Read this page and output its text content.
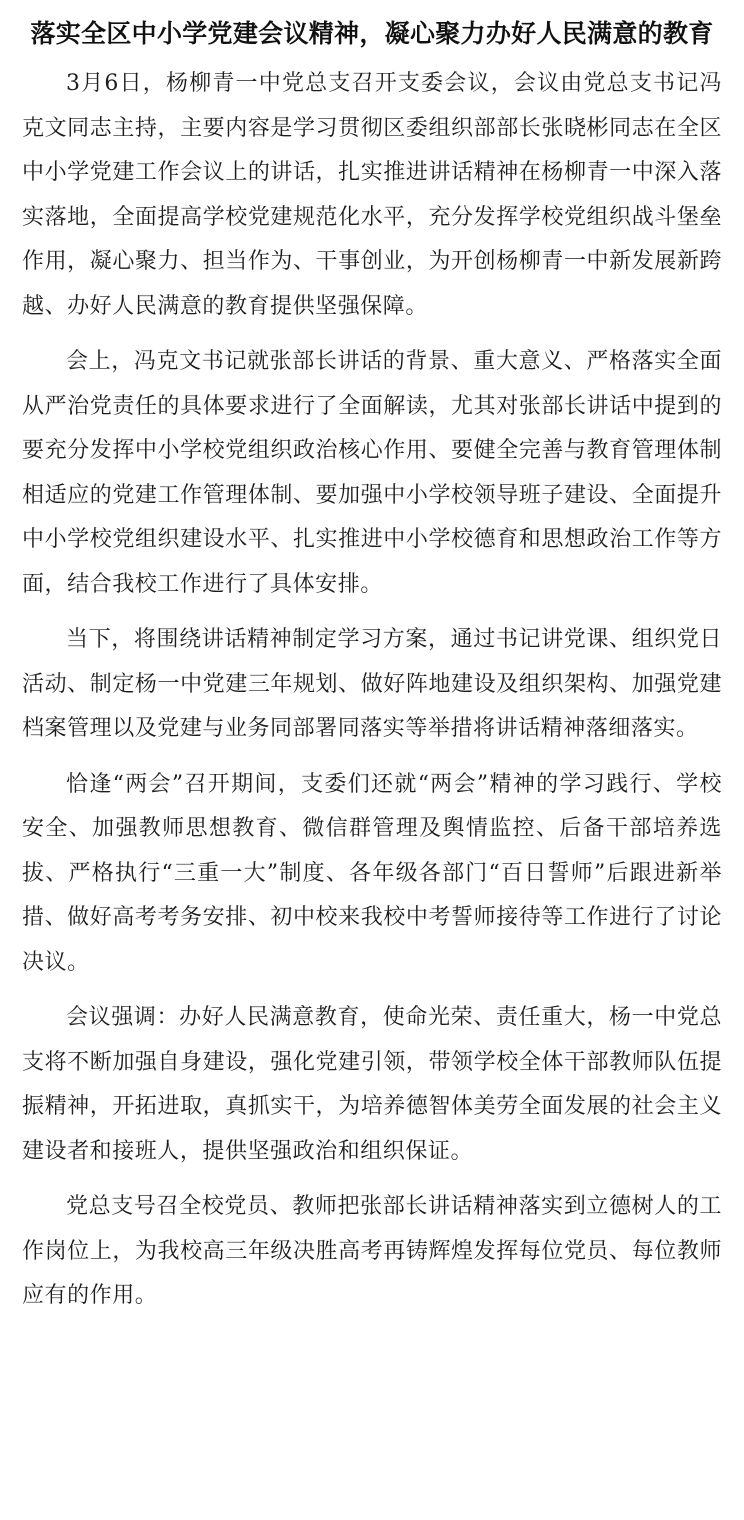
落实全区中小学党建会议精神，凝心聚力办好人民满意的教育

3月6日，杨柳青一中党总支召开支委会议，会议由党总支书记冯克文同志主持，主要内容是学习贯彻区委组织部部长张晓彬同志在全区中小学党建工作会议上的讲话，扎实推进讲话精神在杨柳青一中深入落实落地，全面提高学校党建规范化水平，充分发挥学校党组织战斗堡垒作用，凝心聚力、担当作为、干事创业，为开创杨柳青一中新发展新跨越、办好人民满意的教育提供坚强保障。

会上，冯克文书记就张部长讲话的背景、重大意义、严格落实全面从严治党责任的具体要求进行了全面解读，尤其对张部长讲话中提到的要充分发挥中小学校党组织政治核心作用、要健全完善与教育管理体制相适应的党建工作管理体制、要加强中小学校领导班子建设、全面提升中小学校党组织建设水平、扎实推进中小学校德育和思想政治工作等方面，结合我校工作进行了具体安排。

当下，将围绕讲话精神制定学习方案，通过书记讲党课、组织党日活动、制定杨一中党建三年规划、做好阵地建设及组织架构、加强党建档案管理以及党建与业务同部署同落实等举措将讲话精神落细落实。

恰逢“两会”召开期间，支委们还就“两会”精神的学习践行、学校安全、加强教师思想教育、微信群管理及舆情监控、后备干部培养选拔、严格执行“三重一大”制度、各年级各部门“百日誓师”后跟进新举措、做好高考考务安排、初中校来我校中考誓师接待等工作进行了讨论决议。

会议强调：办好人民满意教育，使命光荣、责任重大，杨一中党总支将不断加强自身建设，强化党建引领，带领学校全体干部教师队伍提振精神，开拓进取，真抓实干，为培养德智体美劳全面发展的社会主义建设者和接班人，提供坚强政治和组织保证。

党总支号召全校党员、教师把张部长讲话精神落实到立德树人的工作岗位上，为我校高三年级决胜高考再铸辉煌发挥每位党员、每位教师应有的作用。
